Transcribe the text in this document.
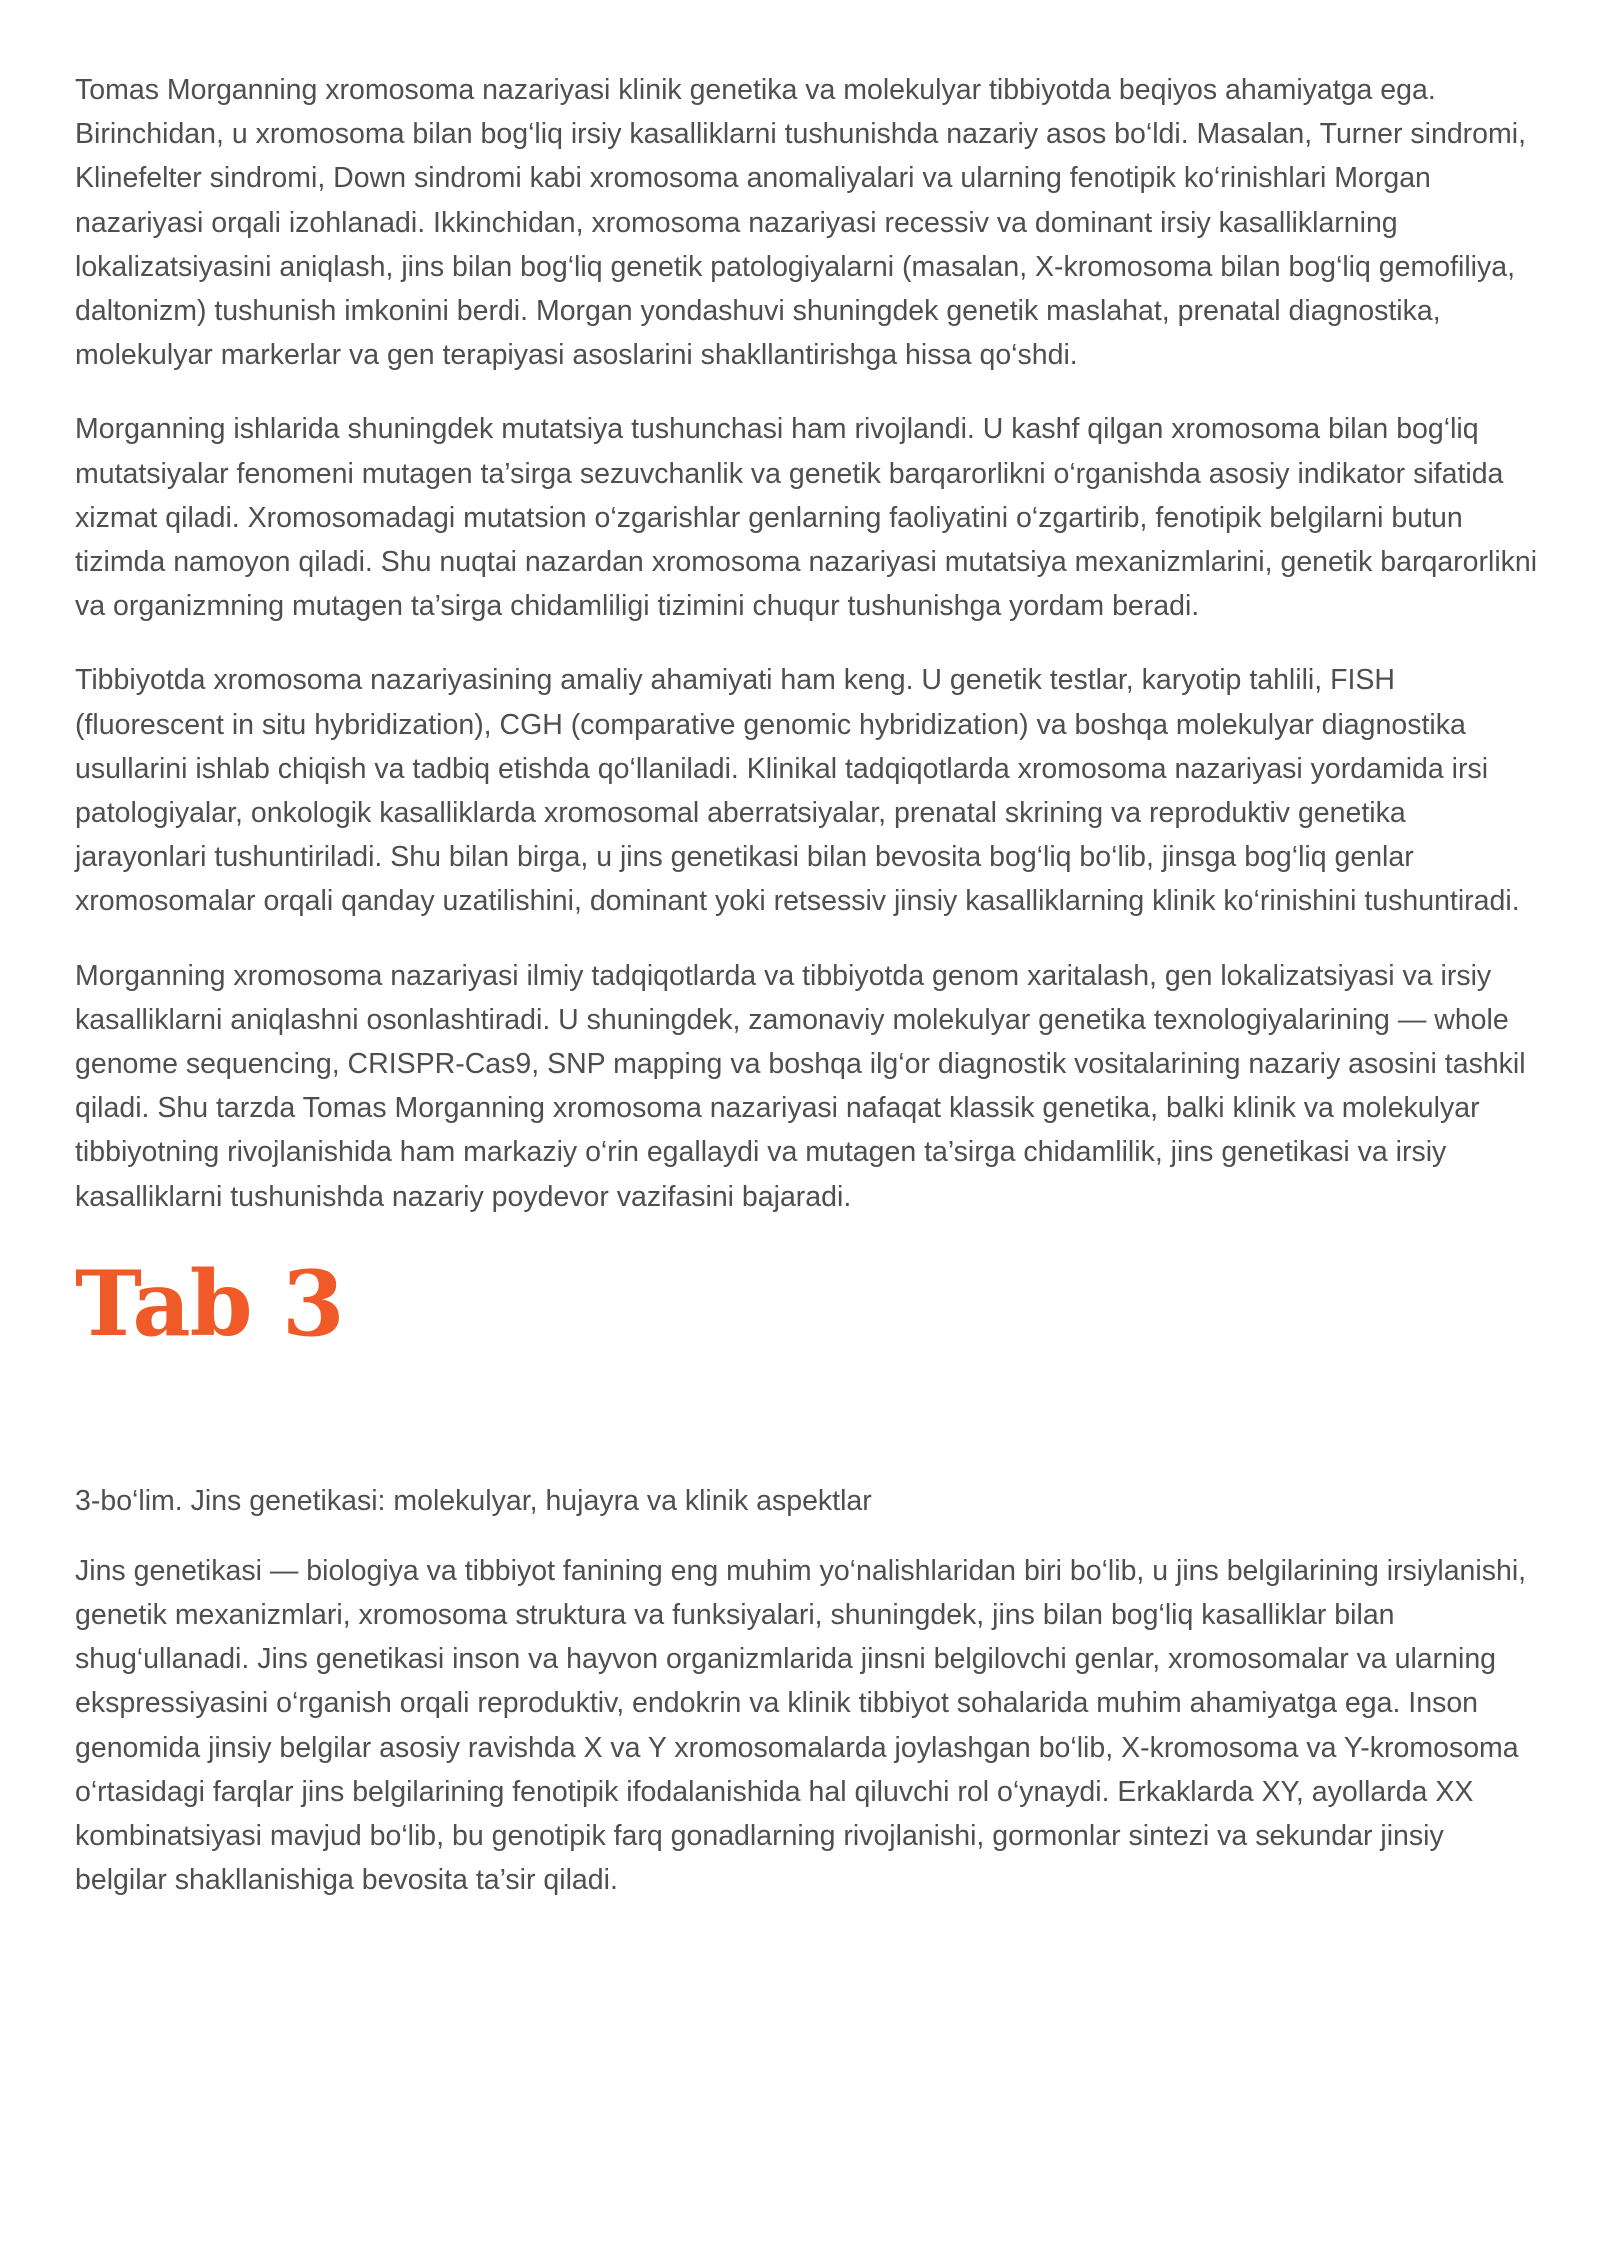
Tomas Morganning xromosoma nazariyasi klinik genetika va molekulyar tibbiyotda beqiyos ahamiyatga ega. Birinchidan, u xromosoma bilan bog‘liq irsiy kasalliklarni tushunishda nazariy asos bo‘ldi. Masalan, Turner sindromi, Klinefelter sindromi, Down sindromi kabi xromosoma anomaliyalari va ularning fenotipik ko‘rinishlari Morgan nazariyasi orqali izohlanadi. Ikkinchidan, xromosoma nazariyasi recessiv va dominant irsiy kasalliklarning lokalizatsiyasini aniqlash, jins bilan bog‘liq genetik patologiyalarni (masalan, X-kromosoma bilan bog‘liq gemofiliya, daltonizm) tushunish imkonini berdi. Morgan yondashuvi shuningdek genetik maslahat, prenatal diagnostika, molekulyar markerlar va gen terapiyasi asoslarini shakllantirishga hissa qo‘shdi.

Morganning ishlarida shuningdek mutatsiya tushunchasi ham rivojlandi. U kashf qilgan xromosoma bilan bog‘liq mutatsiyalar fenomeni mutagen ta’sirga sezuvchanlik va genetik barqarorlikni o‘rganishda asosiy indikator sifatida xizmat qiladi. Xromosomadagi mutatsion o‘zgarishlar genlarning faoliyatini o‘zgartirib, fenotipik belgilarni butun tizimda namoyon qiladi. Shu nuqtai nazardan xromosoma nazariyasi mutatsiya mexanizmlarini, genetik barqarorlikni va organizmning mutagen ta’sirga chidamliligi tizimini chuqur tushunishga yordam beradi.

Tibbiyotda xromosoma nazariyasining amaliy ahamiyati ham keng. U genetik testlar, karyotip tahlili, FISH (fluorescent in situ hybridization), CGH (comparative genomic hybridization) va boshqa molekulyar diagnostika usullarini ishlab chiqish va tadbiq etishda qo‘llaniladi. Klinikal tadqiqotlarda xromosoma nazariyasi yordamida irsi patologiyalar, onkologik kasalliklarda xromosomal aberratsiyalar, prenatal skrining va reproduktiv genetika jarayonlari tushuntiriladi. Shu bilan birga, u jins genetikasi bilan bevosita bog‘liq bo‘lib, jinsga bog‘liq genlar xromosomalar orqali qanday uzatilishini, dominant yoki retsessiv jinsiy kasalliklarning klinik ko‘rinishini tushuntiradi.

Morganning xromosoma nazariyasi ilmiy tadqiqotlarda va tibbiyotda genom xaritalash, gen lokalizatsiyasi va irsiy kasalliklarni aniqlashni osonlashtiradi. U shuningdek, zamonaviy molekulyar genetika texnologiyalarining — whole genome sequencing, CRISPR-Cas9, SNP mapping va boshqa ilg‘or diagnostik vositalarining nazariy asosini tashkil qiladi. Shu tarzda Tomas Morganning xromosoma nazariyasi nafaqat klassik genetika, balki klinik va molekulyar tibbiyotning rivojlanishida ham markaziy o‘rin egallaydi va mutagen ta’sirga chidamlilik, jins genetikasi va irsiy kasalliklarni tushunishda nazariy poydevor vazifasini bajaradi.

Tab 3
3-bo‘lim. Jins genetikasi: molekulyar, hujayra va klinik aspektlar

Jins genetikasi — biologiya va tibbiyot fanining eng muhim yo‘nalishlaridan biri bo‘lib, u jins belgilarining irsiylanishi, genetik mexanizmlari, xromosoma struktura va funksiyalari, shuningdek, jins bilan bog‘liq kasalliklar bilan shug‘ullanadi. Jins genetikasi inson va hayvon organizmlarida jinsni belgilovchi genlar, xromosomalar va ularning ekspressiyasini o‘rganish orqali reproduktiv, endokrin va klinik tibbiyot sohalarida muhim ahamiyatga ega. Inson genomida jinsiy belgilar asosiy ravishda X va Y xromosomalarda joylashgan bo‘lib, X-kromosoma va Y-kromosoma o‘rtasidagi farqlar jins belgilarining fenotipik ifodalanishida hal qiluvchi rol o‘ynaydi. Erkaklarda XY, ayollarda XX kombinatsiyasi mavjud bo‘lib, bu genotipik farq gonadlarning rivojlanishi, gormonlar sintezi va sekundar jinsiy belgilar shakllanishiga bevosita ta’sir qiladi.
